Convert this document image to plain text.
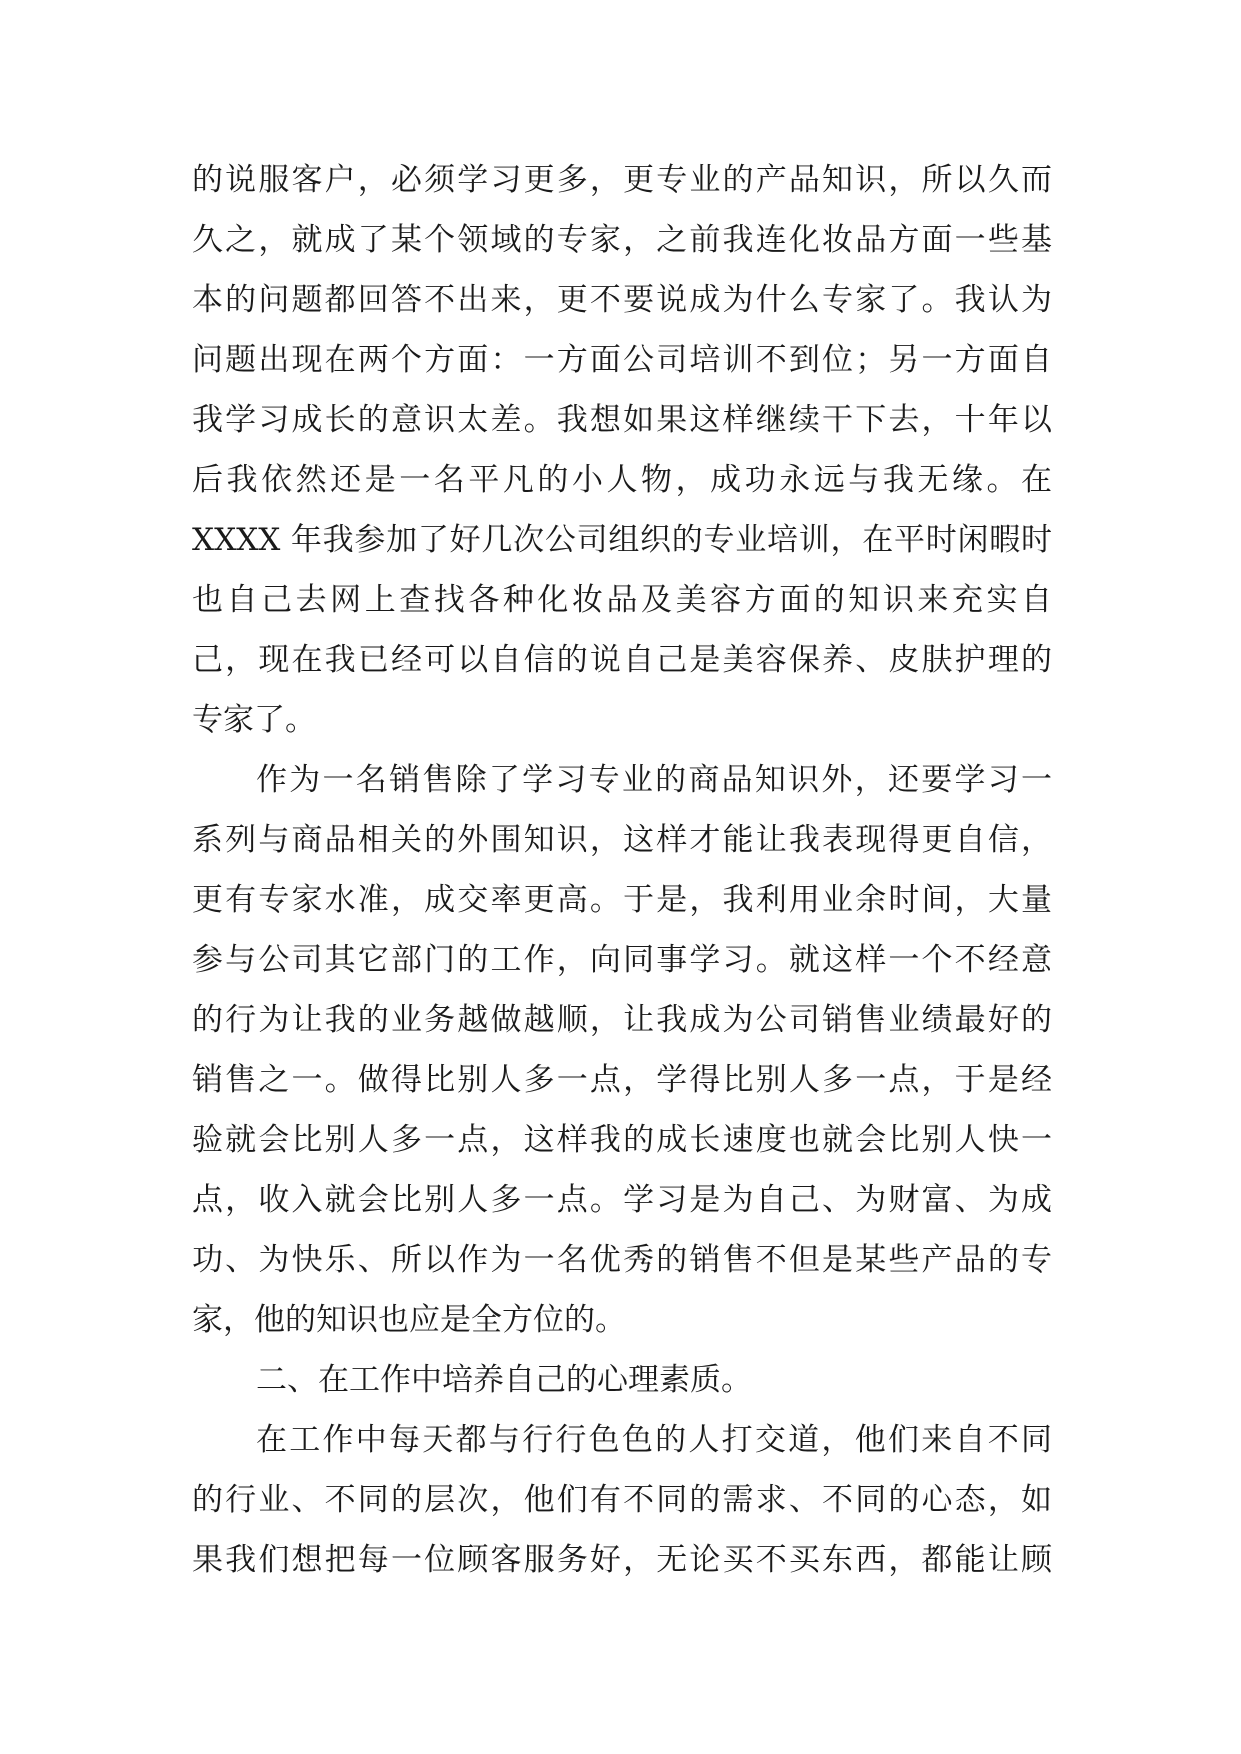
的说服客户，必须学习更多，更专业的产品知识，所以久而
久之，就成了某个领域的专家，之前我连化妆品方面一些基
本的问题都回答不出来，更不要说成为什么专家了。我认为
问题出现在两个方面：一方面公司培训不到位；另一方面自
我学习成长的意识太差。我想如果这样继续干下去，十年以
后我依然还是一名平凡的小人物，成功永远与我无缘。在
XXXX 年我参加了好几次公司组织的专业培训，在平时闲暇时
也自己去网上查找各种化妆品及美容方面的知识来充实自
己，现在我已经可以自信的说自己是美容保养、皮肤护理的
专家了。
作为一名销售除了学习专业的商品知识外，还要学习一
系列与商品相关的外围知识，这样才能让我表现得更自信，
更有专家水准，成交率更高。于是，我利用业余时间，大量
参与公司其它部门的工作，向同事学习。就这样一个不经意
的行为让我的业务越做越顺，让我成为公司销售业绩最好的
销售之一。做得比别人多一点，学得比别人多一点，于是经
验就会比别人多一点，这样我的成长速度也就会比别人快一
点，收入就会比别人多一点。学习是为自己、为财富、为成
功、为快乐、所以作为一名优秀的销售不但是某些产品的专
家，他的知识也应是全方位的。
二、在工作中培养自己的心理素质。
在工作中每天都与行行色色的人打交道，他们来自不同
的行业、不同的层次，他们有不同的需求、不同的心态，如
果我们想把每一位顾客服务好，无论买不买东西，都能让顾
